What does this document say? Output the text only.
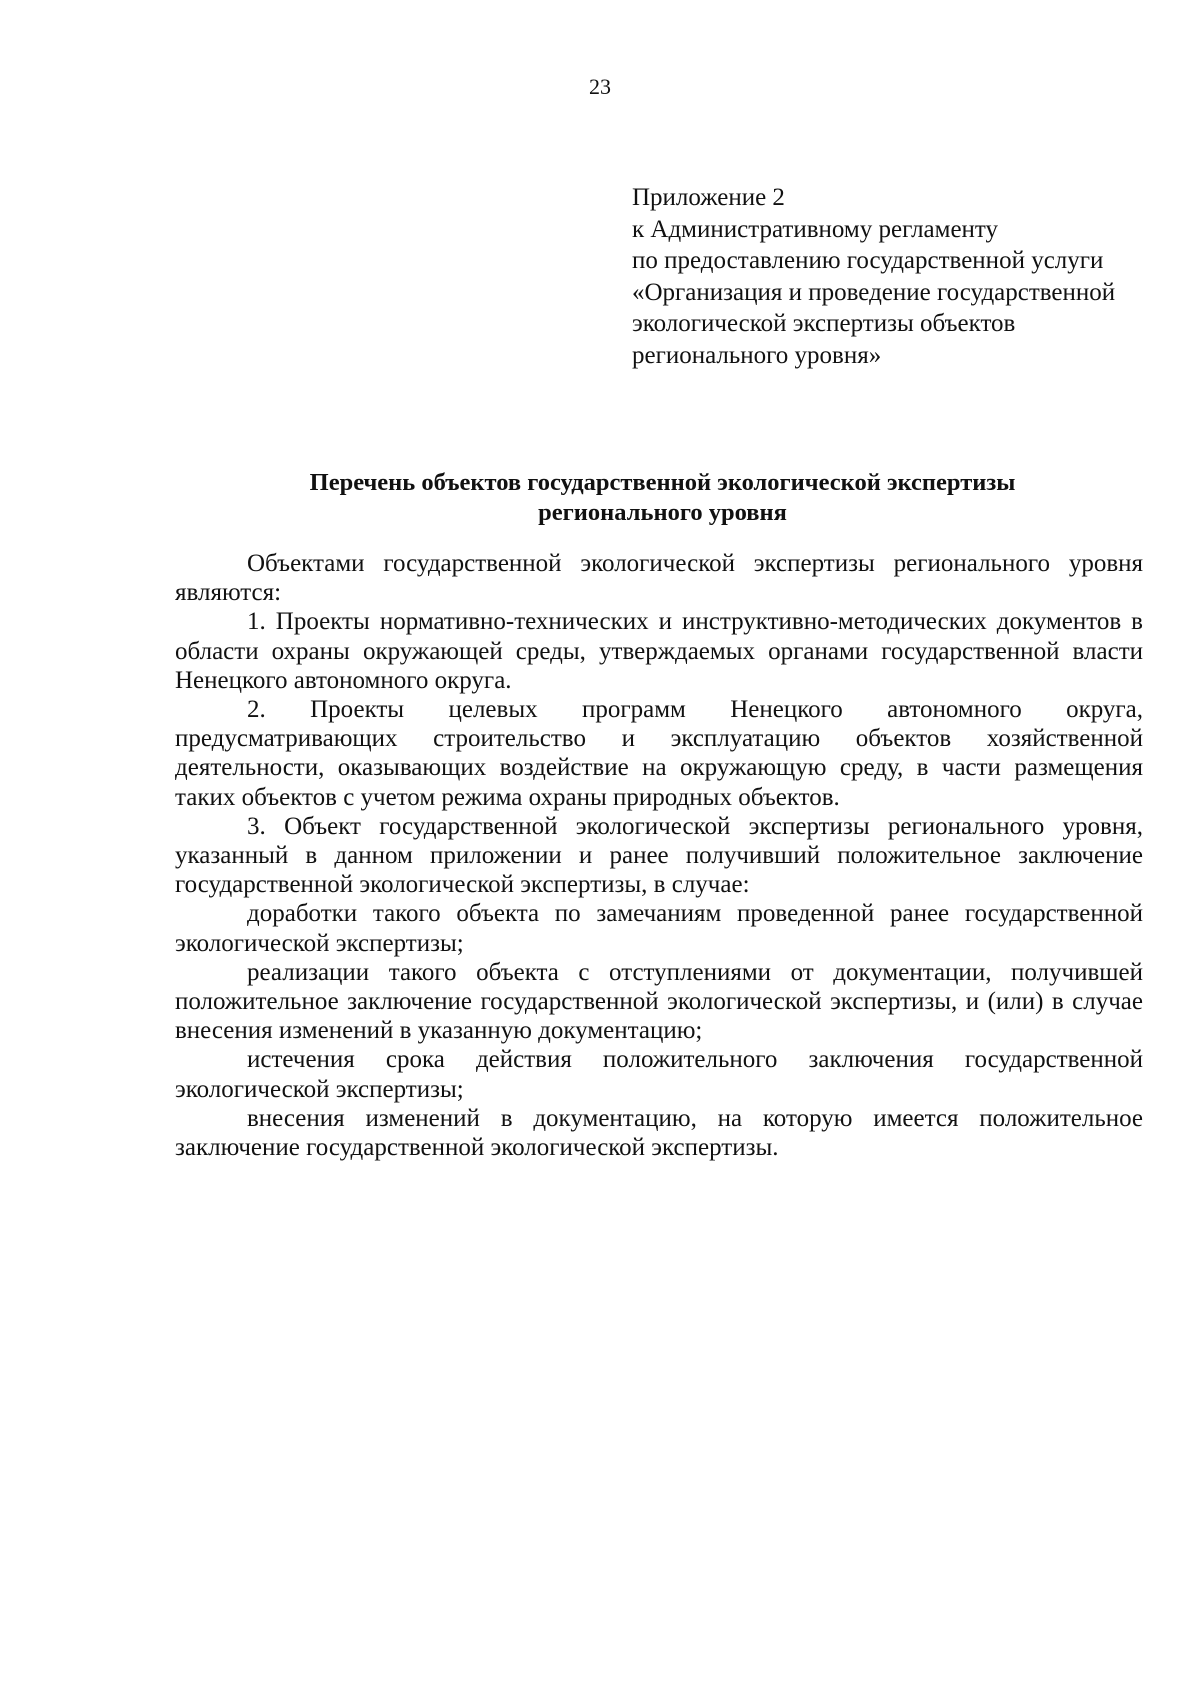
23
Приложение 2
к Административному регламенту
по предоставлению государственной услуги
«Организация и проведение государственной
экологической экспертизы объектов
регионального уровня»
Перечень объектов государственной экологической экспертизы
регионального уровня

Объектами государственной экологической экспертизы регионального уровня являются:

1. Проекты нормативно-технических и инструктивно-методических документов в области охраны окружающей среды, утверждаемых органами государственной власти Ненецкого автономного округа.

2. Проекты целевых программ Ненецкого автономного округа, предусматривающих строительство и эксплуатацию объектов хозяйственной деятельности, оказывающих воздействие на окружающую среду, в части размещения таких объектов с учетом режима охраны природных объектов.

3. Объект государственной экологической экспертизы регионального уровня, указанный в данном приложении и ранее получивший положительное заключение государственной экологической экспертизы, в случае:

доработки такого объекта по замечаниям проведенной ранее государственной экологической экспертизы;

реализации такого объекта с отступлениями от документации, получившей положительное заключение государственной экологической экспертизы, и (или) в случае внесения изменений в указанную документацию;

истечения срока действия положительного заключения государственной экологической экспертизы;

внесения изменений в документацию, на которую имеется положительное заключение государственной экологической экспертизы.
